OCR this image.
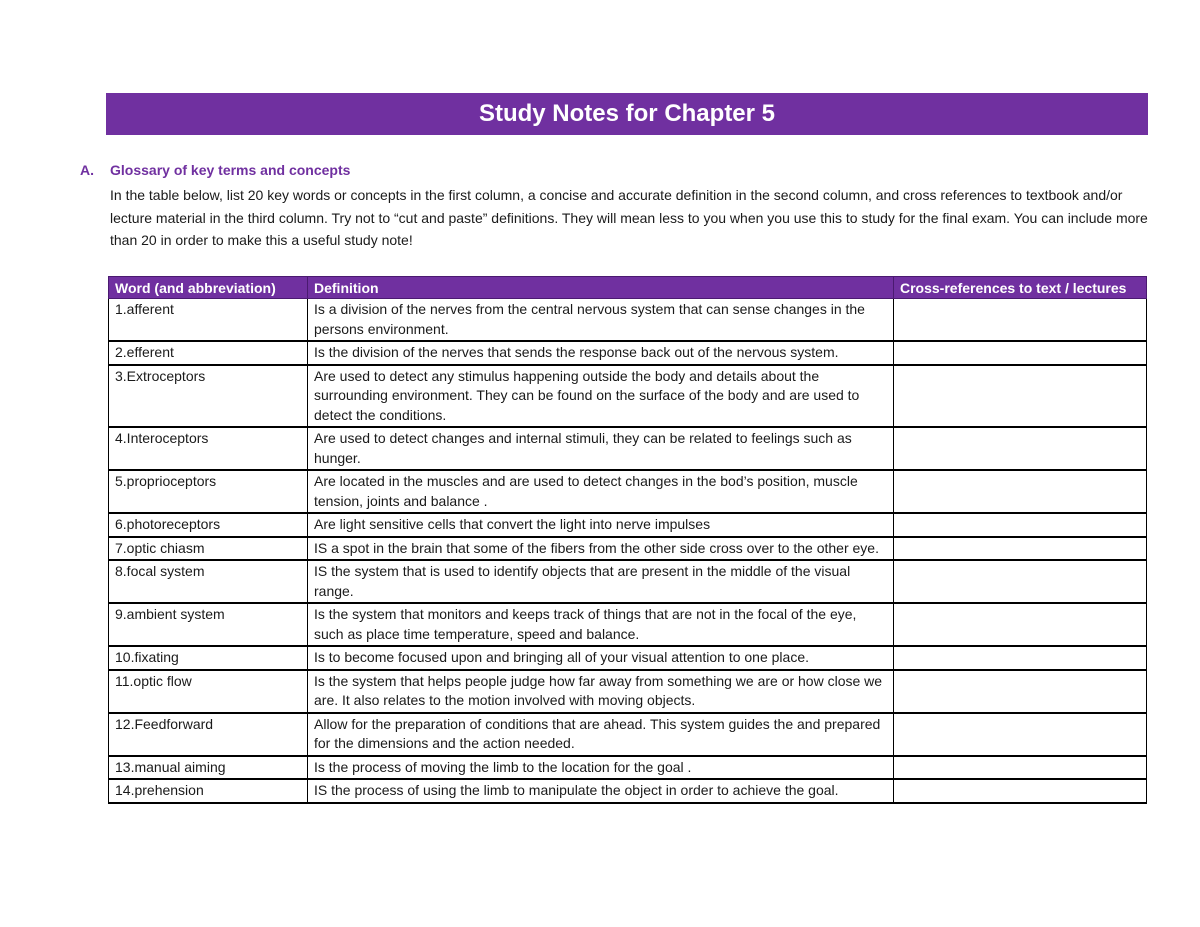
Study Notes for Chapter 5
A. Glossary of key terms and concepts
In the table below, list 20 key words or concepts in the first column, a concise and accurate definition in the second column, and cross references to textbook and/or lecture material in the third column. Try not to “cut and paste” definitions. They will mean less to you when you use this to study for the final exam. You can include more than 20 in order to make this a useful study note!
Word (and abbreviation)	Definition	Cross-references to text / lectures
1.afferent	Is a division of the nerves from the central nervous system that can sense changes in the persons environment.	
2.efferent	Is the division of the nerves that sends the response back out of the nervous system.	
3.Extroceptors	Are used to detect any stimulus happening outside the body and details about the surrounding environment. They can be found on the surface of the body and are used to detect the conditions.	
4.Interoceptors	Are used to detect changes and internal stimuli, they can be related to feelings such as hunger.	
5.proprioceptors	Are located in the muscles and are used to detect changes in the bod’s position, muscle tension, joints and balance .	
6.photoreceptors	Are light sensitive cells that convert the light into nerve impulses	
7.optic chiasm	IS a spot in the brain that some of the fibers from the other side cross over to the other eye.	
8.focal system	IS the system that is used to identify objects that are present in the middle of the visual range.	
9.ambient system	Is the system that monitors and keeps track of things that are not in the focal of the eye, such as place time temperature, speed and balance.	
10.fixating	Is to become focused upon and bringing all of your visual attention to one place.	
11.optic flow	Is the system that helps people judge how far away from something we are or how close we are. It also relates to the motion involved with moving objects.	
12.Feedforward	Allow for the preparation of conditions that are ahead. This system guides the and prepared for the dimensions and the action needed.	
13.manual aiming	Is the process of moving the limb to the location for the goal .	
14.prehension	IS the process of using the limb to manipulate the object in order to achieve the goal.	
